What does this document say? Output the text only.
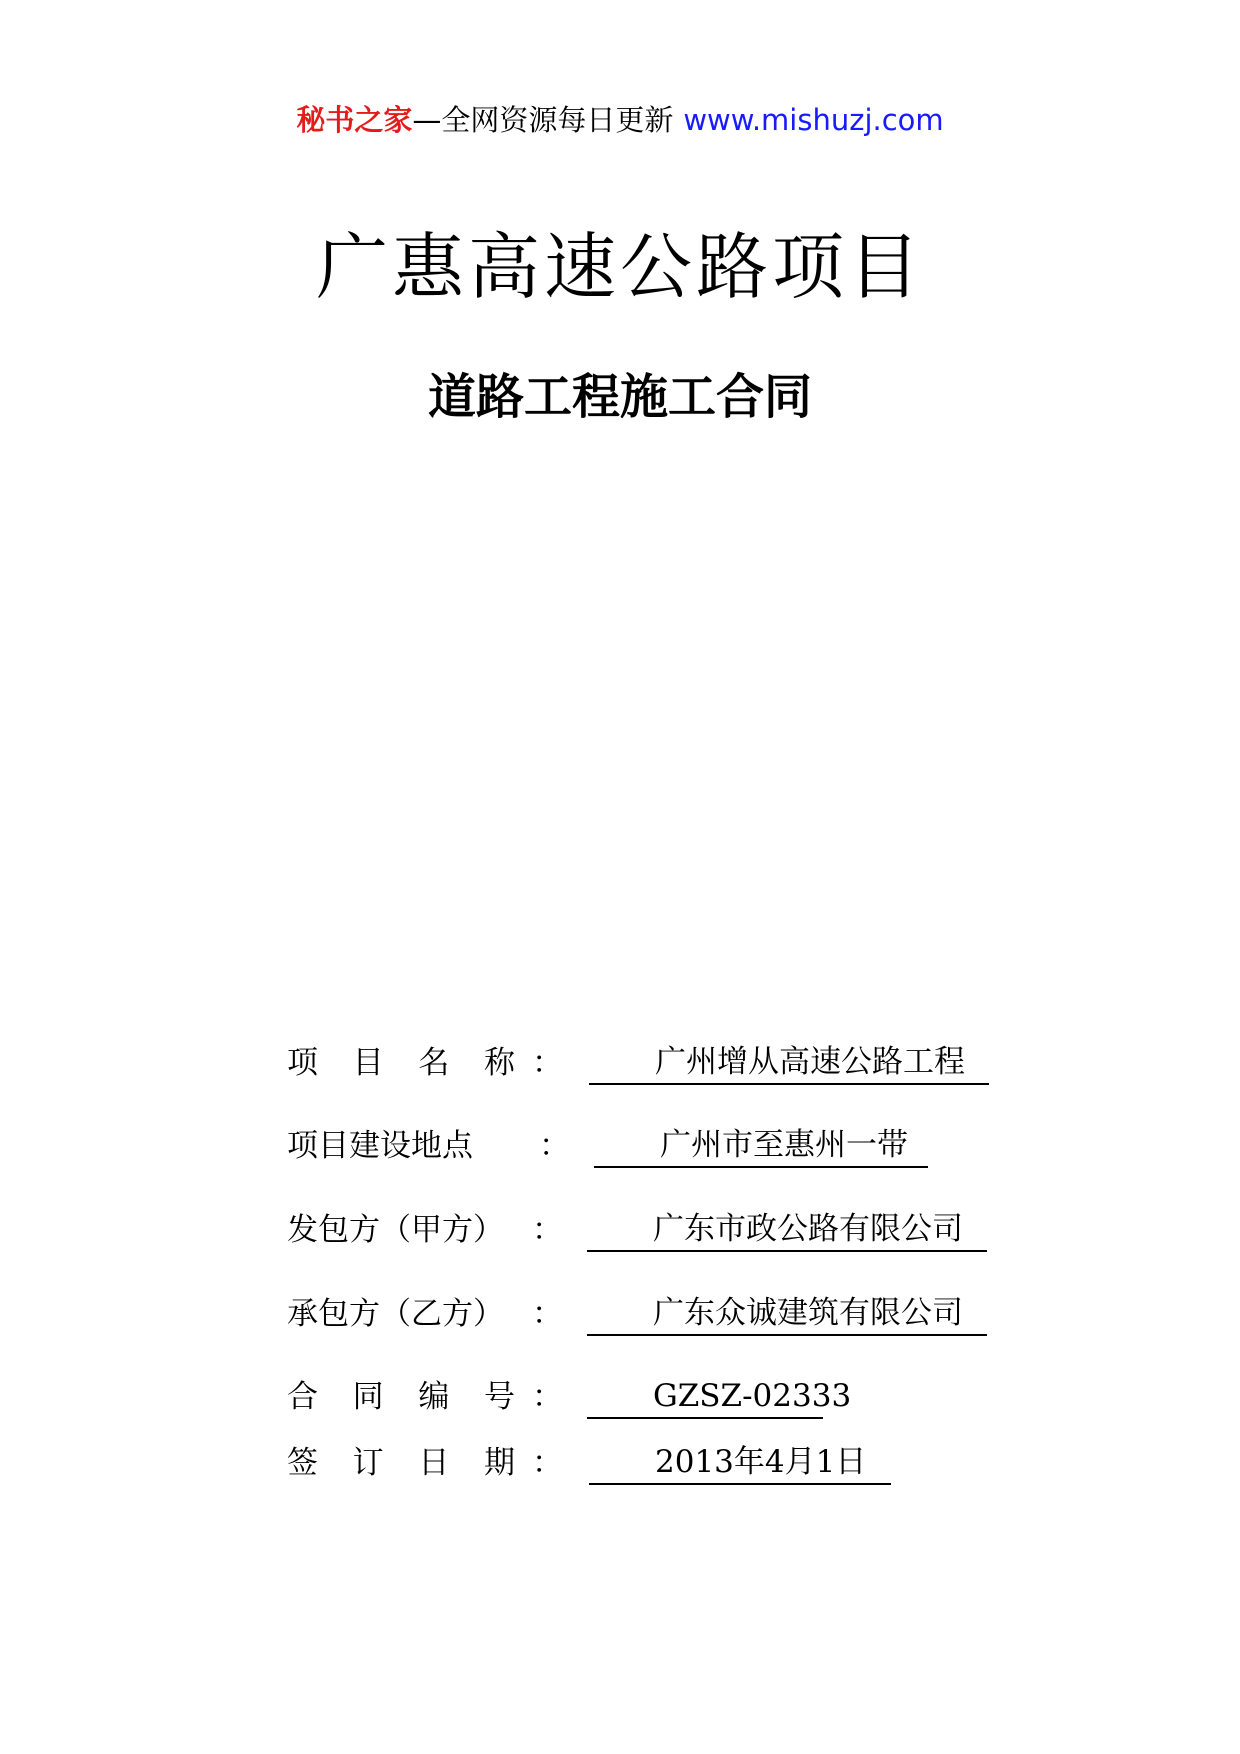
秘书之家—全网资源每日更新 www.mishuzj.com
广惠高速公路项目
道路工程施工合同
项 目 名 称 ：	广州增从高速公路工程
项目建设地点	：	广州市至惠州一带
发包方（甲方） ：	广东市政公路有限公司
承包方（乙方） ：	广东众诚建筑有限公司
合 同 编 号 ：	GZSZ-02333
签 订 日 期 ：	2013年4月1日
